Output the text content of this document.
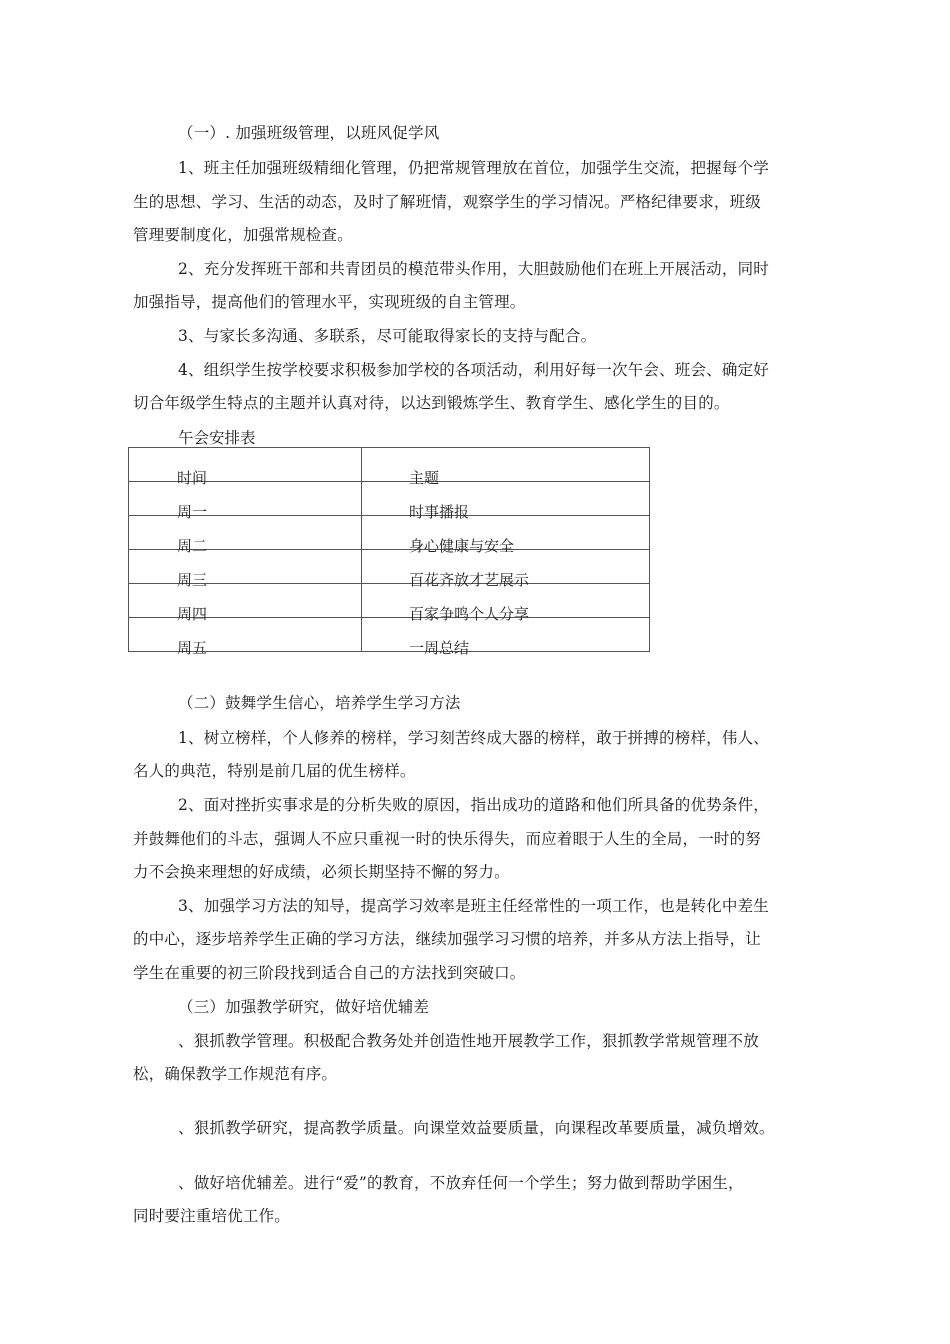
（一）. 加强班级管理，以班风促学风
1、班主任加强班级精细化管理，仍把常规管理放在首位，加强学生交流，把握每个学
生的思想、学习、生活的动态，及时了解班情，观察学生的学习情况。严格纪律要求，班级
管理要制度化，加强常规检查。
2、充分发挥班干部和共青团员的模范带头作用，大胆鼓励他们在班上开展活动，同时
加强指导，提高他们的管理水平，实现班级的自主管理。
3、与家长多沟通、多联系，尽可能取得家长的支持与配合。
4、组织学生按学校要求积极参加学校的各项活动，利用好每一次午会、班会、确定好
切合年级学生特点的主题并认真对待，以达到锻炼学生、教育学生、感化学生的目的。
午会安排表
时间	主题

周一	时事播报

周二	身心健康与安全

周三	百花齐放才艺展示

周四	百家争鸣个人分享

周五	一周总结
（二）鼓舞学生信心，培养学生学习方法
1、树立榜样，个人修养的榜样，学习刻苦终成大器的榜样，敢于拼搏的榜样，伟人、
名人的典范，特别是前几届的优生榜样。
2、面对挫折实事求是的分析失败的原因，指出成功的道路和他们所具备的优势条件，
并鼓舞他们的斗志，强调人不应只重视一时的快乐得失，而应着眼于人生的全局，一时的努
力不会换来理想的好成绩，必须长期坚持不懈的努力。
3、加强学习方法的知导，提高学习效率是班主任经常性的一项工作，也是转化中差生
的中心，逐步培养学生正确的学习方法，继续加强学习习惯的培养，并多从方法上指导，让
学生在重要的初三阶段找到适合自己的方法找到突破口。
（三）加强教学研究，做好培优辅差
、狠抓教学管理。积极配合教务处并创造性地开展教学工作，狠抓教学常规管理不放
松，确保教学工作规范有序。
、狠抓教学研究，提高教学质量。向课堂效益要质量，向课程改革要质量，减负增效。
、做好培优辅差。进行“爱”的教育，不放弃任何一个学生；努力做到帮助学困生，
同时要注重培优工作。
